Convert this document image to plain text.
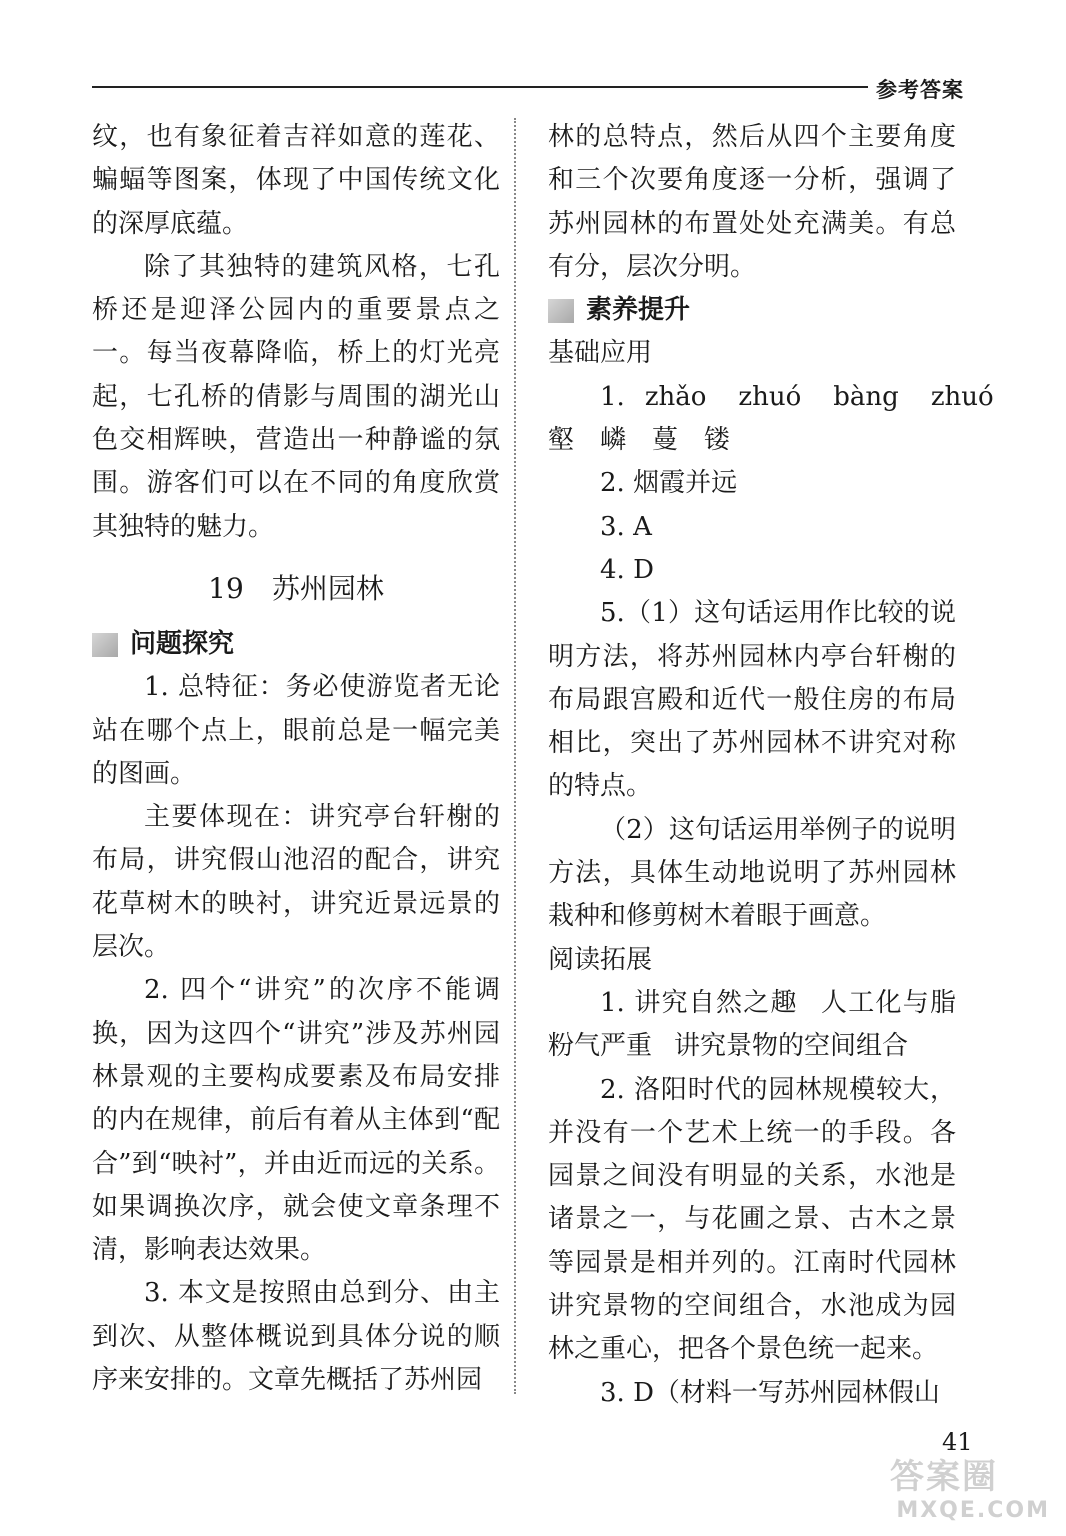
参考答案

纹，也有象征着吉祥如意的莲花、蝙蝠等图案，体现了中国传统文化的深厚底蕴。

除了其独特的建筑风格，七孔桥还是迎泽公园内的重要景点之一。每当夜幕降临，桥上的灯光亮起，七孔桥的倩影与周围的湖光山色交相辉映，营造出一种静谧的氛围。游客们可以在不同的角度欣赏其独特的魅力。

19 苏州园林

问题探究

1. 总特征：务必使游览者无论站在哪个点上，眼前总是一幅完美的图画。

主要体现在：讲究亭台轩榭的布局，讲究假山池沼的配合，讲究花草树木的映衬，讲究近景远景的层次。

2. 四个“讲究”的次序不能调换，因为这四个“讲究”涉及苏州园林景观的主要构成要素及布局安排的内在规律，前后有着从主体到“配合”到“映衬”，并由近而远的关系。如果调换次序，就会使文章条理不清，影响表达效果。

3. 本文是按照由总到分、由主到次、从整体概说到具体分说的顺序来安排的。文章先概括了苏州园

林的总特点，然后从四个主要角度和三个次要角度逐一分析，强调了苏州园林的布置处处充满美。有总有分，层次分明。

素养提升

基础应用

1. zhǎo zhuó bàng zhuó

壑 嶙 蔓 镂

2. 烟霞并远

3. A

4. D

5.（1）这句话运用作比较的说明方法，将苏州园林内亭台轩榭的布局跟宫殿和近代一般住房的布局相比，突出了苏州园林不讲究对称的特点。

（2）这句话运用举例子的说明方法，具体生动地说明了苏州园林栽种和修剪树木着眼于画意。

阅读拓展

1. 讲究自然之趣 人工化与脂粉气严重 讲究景物的空间组合

2. 洛阳时代的园林规模较大，并没有一个艺术上统一的手段。各园景之间没有明显的关系，水池是诸景之一，与花圃之景、古木之景等园景是相并列的。江南时代园林讲究景物的空间组合，水池成为园林之重心，把各个景色统一起来。

3. D（材料一写苏州园林假山

41
答案圈
MXQE.COM
